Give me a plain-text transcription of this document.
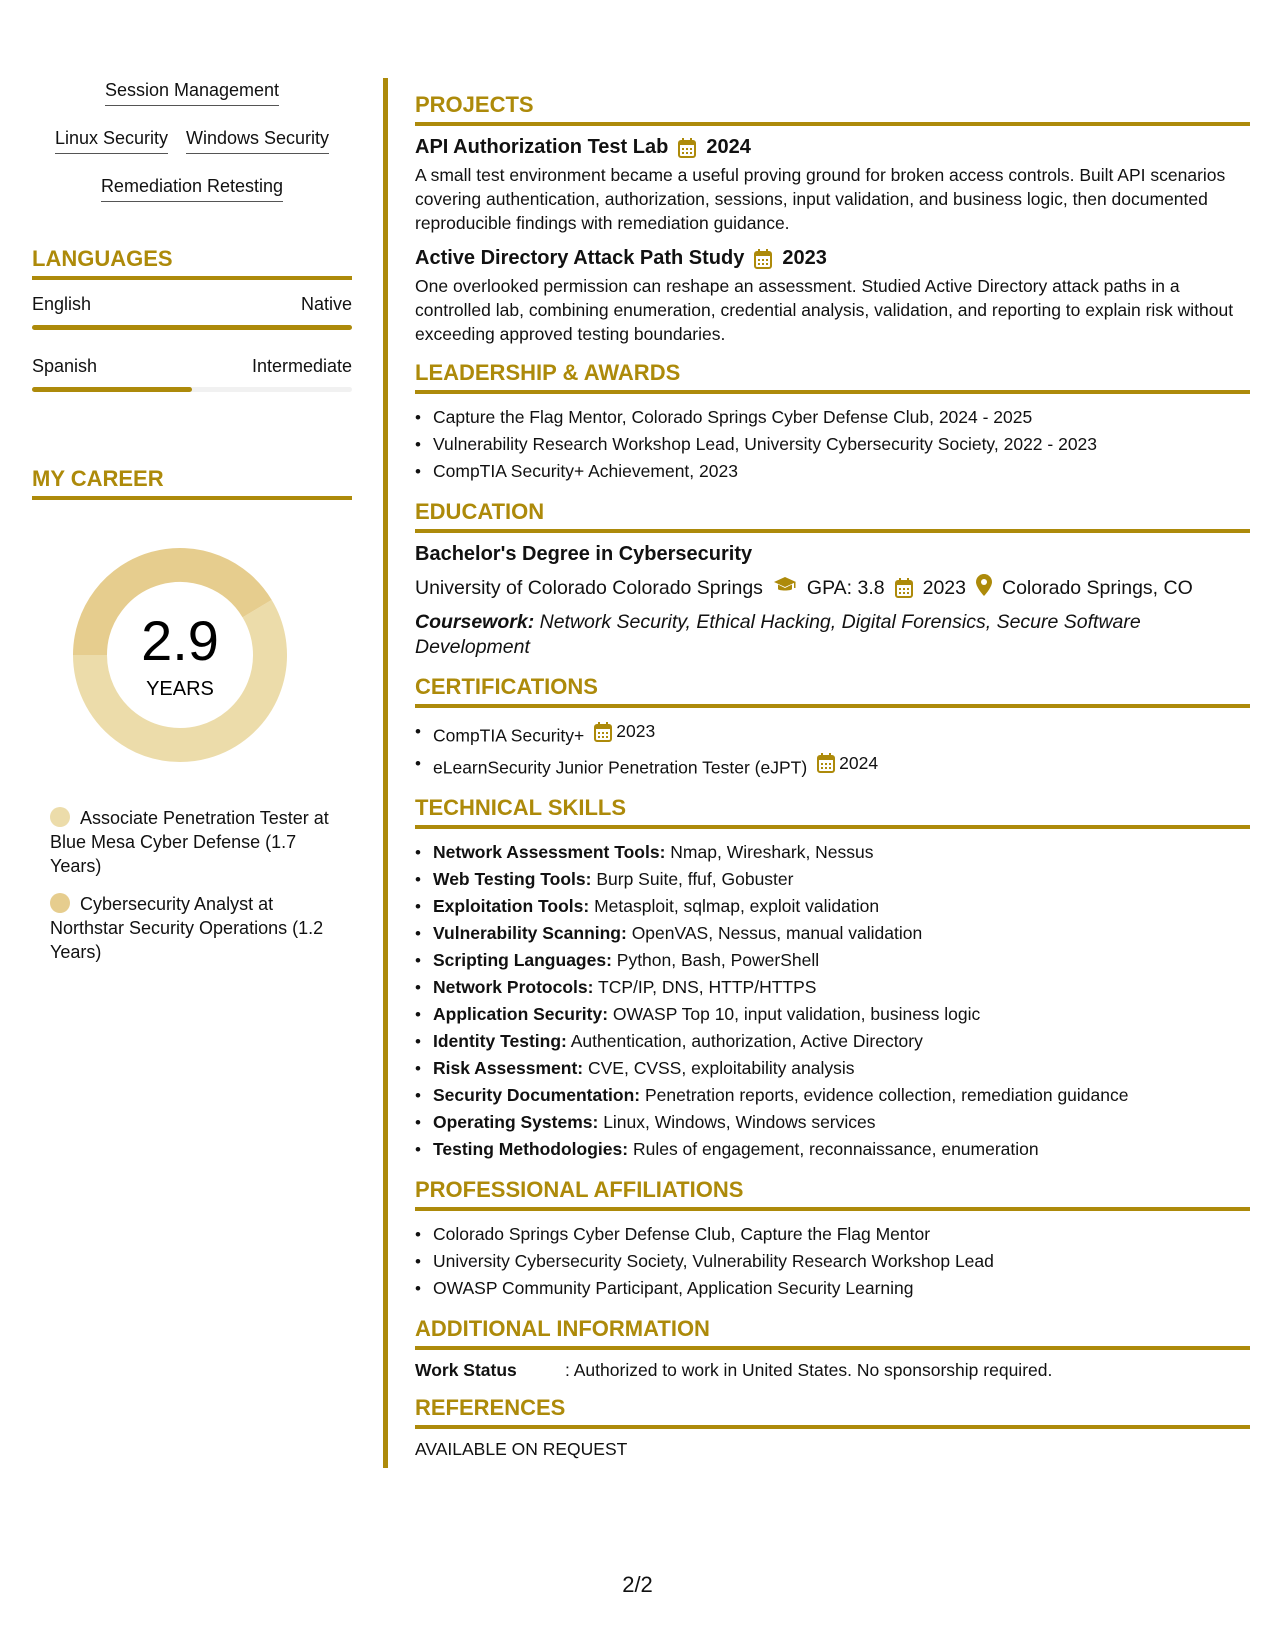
Session Management
Linux Security Windows Security
Remediation Retesting
LANGUAGES
English	Native
Spanish	Intermediate
MY CAREER
2.9
YEARS
Associate Penetration Tester at Blue Mesa Cyber Defense (1.7 Years)
Cybersecurity Analyst at Northstar Security Operations (1.2 Years)
PROJECTS
API Authorization Test Lab 2024
A small test environment became a useful proving ground for broken access controls. Built API scenarios covering authentication, authorization, sessions, input validation, and business logic, then documented reproducible findings with remediation guidance.
Active Directory Attack Path Study 2023
One overlooked permission can reshape an assessment. Studied Active Directory attack paths in a controlled lab, combining enumeration, credential analysis, validation, and reporting to explain risk without exceeding approved testing boundaries.
LEADERSHIP & AWARDS
• Capture the Flag Mentor, Colorado Springs Cyber Defense Club, 2024 - 2025
• Vulnerability Research Workshop Lead, University Cybersecurity Society, 2022 - 2023
• CompTIA Security+ Achievement, 2023
EDUCATION
Bachelor's Degree in Cybersecurity
University of Colorado Colorado Springs GPA: 3.8 2023 Colorado Springs, CO
Coursework: Network Security, Ethical Hacking, Digital Forensics, Secure Software Development
CERTIFICATIONS
• CompTIA Security+ 2023
• eLearnSecurity Junior Penetration Tester (eJPT) 2024
TECHNICAL SKILLS
• Network Assessment Tools: Nmap, Wireshark, Nessus
• Web Testing Tools: Burp Suite, ffuf, Gobuster
• Exploitation Tools: Metasploit, sqlmap, exploit validation
• Vulnerability Scanning: OpenVAS, Nessus, manual validation
• Scripting Languages: Python, Bash, PowerShell
• Network Protocols: TCP/IP, DNS, HTTP/HTTPS
• Application Security: OWASP Top 10, input validation, business logic
• Identity Testing: Authentication, authorization, Active Directory
• Risk Assessment: CVE, CVSS, exploitability analysis
• Security Documentation: Penetration reports, evidence collection, remediation guidance
• Operating Systems: Linux, Windows, Windows services
• Testing Methodologies: Rules of engagement, reconnaissance, enumeration
PROFESSIONAL AFFILIATIONS
• Colorado Springs Cyber Defense Club, Capture the Flag Mentor
• University Cybersecurity Society, Vulnerability Research Workshop Lead
• OWASP Community Participant, Application Security Learning
ADDITIONAL INFORMATION
Work Status	: Authorized to work in United States. No sponsorship required.
REFERENCES
AVAILABLE ON REQUEST
2/2
